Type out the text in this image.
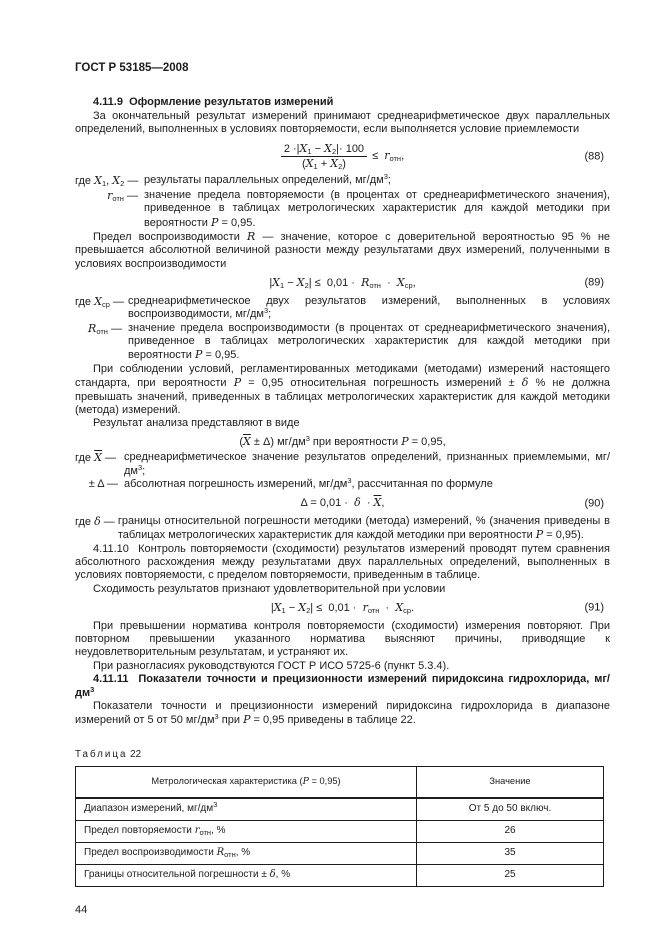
ГОСТ Р 53185—2008

4.11.9  Оформление результатов измерений

За окончательный результат измерений принимают среднеарифметическое двух параллельных определений, выполненных в условиях повторяемости, если выполняется условие приемлемости

$\frac{2 \cdot|X_1 - X_2|\cdot 100}{(X_1 + X_2)} \le r_{отн}$,	(88)
где $X_1$, $X_2$ — результаты параллельных определений, $мг/дм^3$;
$r_{отн}$ — значение предела повторяемости (в процентах от среднеарифметического значения), приведенное в таблицах метрологических характеристик для каждой методики при вероятности P = 0,95.

Предел воспроизводимости R — значение, которое с доверительной вероятностью 95 % не превышается абсолютной величиной разности между результатами двух измерений, полученными в условиях воспроизводимости

$|X_1 - X_2| \le 0,01 \cdot R_{отн} \cdot X_{ср}$,	(89)
где $X_{ср}$ — среднеарифметическое двух результатов измерений, выполненных в условиях воспроизводимости, $мг/дм^3$;
$R_{отн}$ — значение предела воспроизводимости (в процентах от среднеарифметического значения), приведенное в таблицах метрологических характеристик для каждой методики при вероятности P = 0,95.

При соблюдении условий, регламентированных методиками (методами) измерений настоящего стандарта, при вероятности P = 0,95 относительная погрешность измерений ± δ % не должна превышать значений, приведенных в таблицах метрологических характеристик для каждой методики (метода) измерений.

Результат анализа представляют в виде

$(\overline{X} \pm \Delta)$ $мг/дм^3$ при вероятности P = 0,95,
где $\overline{X}$ — среднеарифметическое значение результатов определений, признанных приемлемыми, $мг/дм^3$;
± Δ — абсолютная погрешность измерений, $мг/дм^3$, рассчитанная по формуле
$\Delta = 0,01 \cdot \delta \cdot \overline{X}$,	(90)
где δ — границы относительной погрешности методики (метода) измерений, % (значения приведены в таблицах метрологических характеристик для каждой методики при вероятности P = 0,95).

4.11.10  Контроль повторяемости (сходимости) результатов измерений проводят путем сравнения абсолютного расхождения между результатами двух параллельных определений, выполненных в условиях повторяемости, с пределом повторяемости, приведенным в таблице.

Сходимость результатов признают удовлетворительной при условии

$|X_1 - X_2| \le 0,01 \cdot r_{отн} \cdot X_{ср}$.	(91)

При превышении норматива контроля повторяемости (сходимости) измерения повторяют. При повторном превышении указанного норматива выясняют причины, приводящие к неудовлетворительным результатам, и устраняют их.

При разногласиях руководствуются ГОСТ Р ИСО 5725-6 (пункт 5.3.4).

4.11.11  Показатели точности и прецизионности измерений пиридоксина гидрохлорида, $мг/дм^3$

Показатели точности и прецизионности измерений пиридоксина гидрохлорида в диапазоне измерений от 5 от 50 $мг/дм^3$ при P = 0,95 приведены в таблице 22.

Таблица 22
Метрологическая характеристика (P = 0,95)	Значение
Диапазон измерений, $мг/дм^3$	От 5 до 50 включ.
Предел повторяемости $r_{отн}$, %	26
Предел воспроизводимости $R_{отн}$, %	35
Границы относительной погрешности ± δ, %	25
44
